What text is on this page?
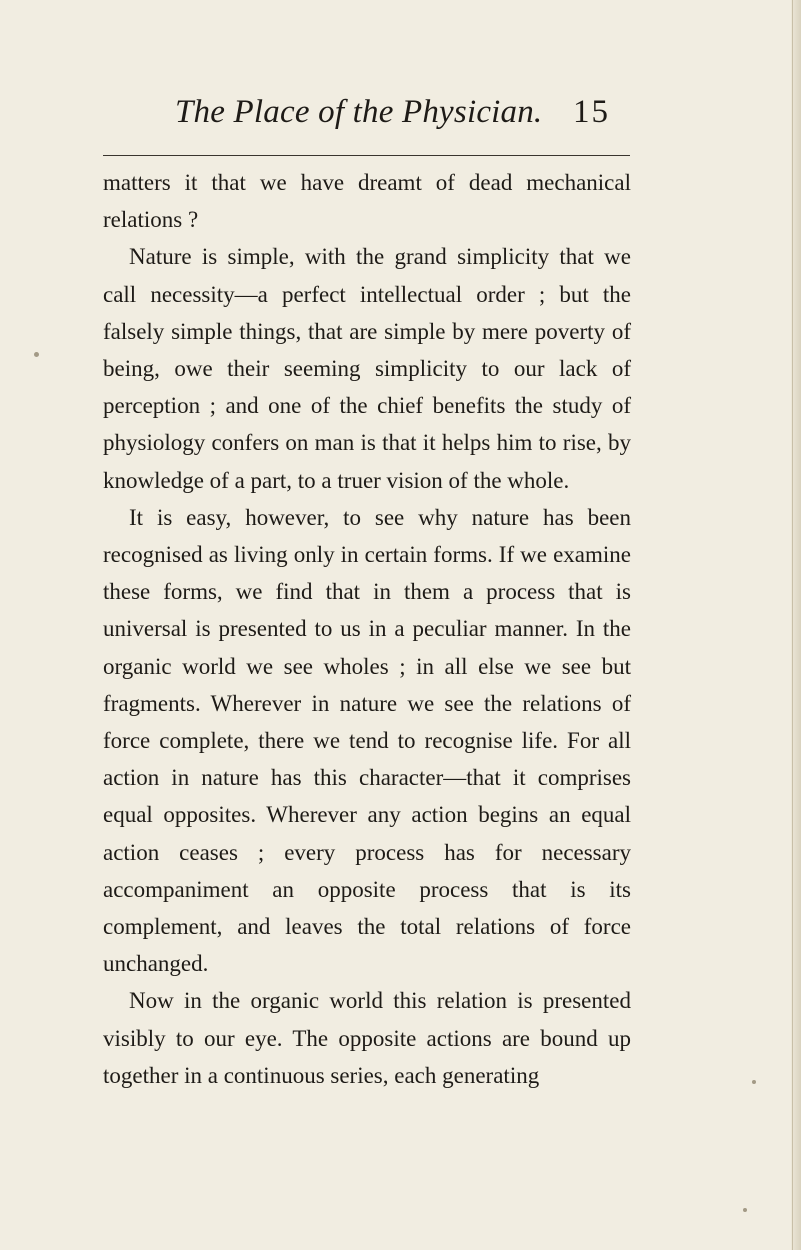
The Place of the Physician. 15

matters it that we have dreamt of dead mechanical relations ?

Nature is simple, with the grand simplicity that we call necessity—a perfect intellectual order ; but the falsely simple things, that are simple by mere poverty of being, owe their seeming simplicity to our lack of perception ; and one of the chief benefits the study of physiology confers on man is that it helps him to rise, by knowledge of a part, to a truer vision of the whole.

It is easy, however, to see why nature has been recognised as living only in certain forms. If we examine these forms, we find that in them a process that is universal is presented to us in a peculiar manner. In the organic world we see wholes ; in all else we see but fragments. Wherever in nature we see the relations of force complete, there we tend to recognise life. For all action in nature has this character—that it comprises equal opposites. Wherever any action begins an equal action ceases ; every process has for necessary accompaniment an opposite process that is its complement, and leaves the total relations of force unchanged.

Now in the organic world this relation is presented visibly to our eye. The opposite actions are bound up together in a continuous series, each generating
